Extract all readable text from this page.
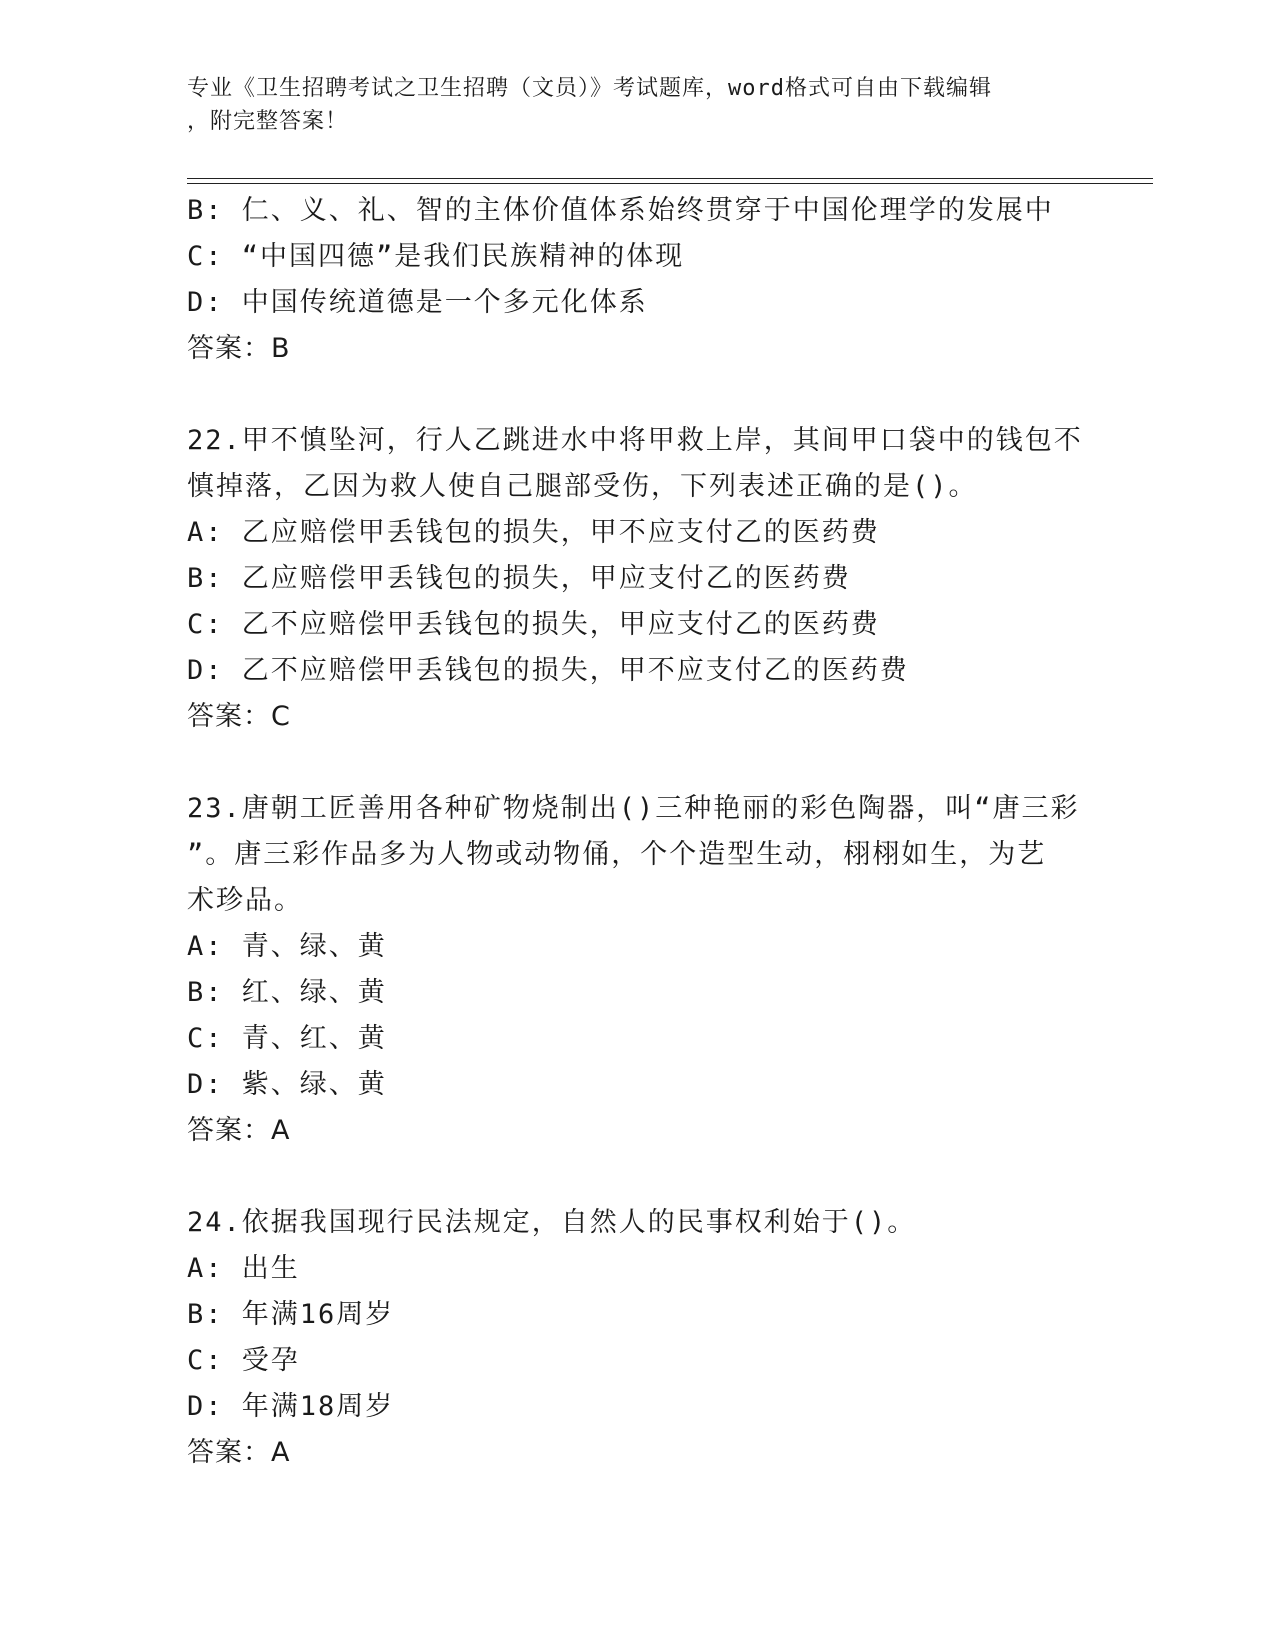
专业《卫生招聘考试之卫生招聘（文员）》考试题库，word格式可自由下载编辑
，附完整答案！
B: 仁、义、礼、智的主体价值体系始终贯穿于中国伦理学的发展中
C: “中国四德”是我们民族精神的体现
D: 中国传统道德是一个多元化体系
答案：B
22.甲不慎坠河，行人乙跳进水中将甲救上岸，其间甲口袋中的钱包不
慎掉落，乙因为救人使自己腿部受伤，下列表述正确的是()。
A: 乙应赔偿甲丢钱包的损失，甲不应支付乙的医药费
B: 乙应赔偿甲丢钱包的损失，甲应支付乙的医药费
C: 乙不应赔偿甲丢钱包的损失，甲应支付乙的医药费
D: 乙不应赔偿甲丢钱包的损失，甲不应支付乙的医药费
答案：C
23.唐朝工匠善用各种矿物烧制出()三种艳丽的彩色陶器，叫“唐三彩
”。唐三彩作品多为人物或动物俑，个个造型生动，栩栩如生，为艺
术珍品。
A: 青、绿、黄
B: 红、绿、黄
C: 青、红、黄
D: 紫、绿、黄
答案：A
24.依据我国现行民法规定，自然人的民事权利始于()。
A: 出生
B: 年满16周岁
C: 受孕
D: 年满18周岁
答案：A
